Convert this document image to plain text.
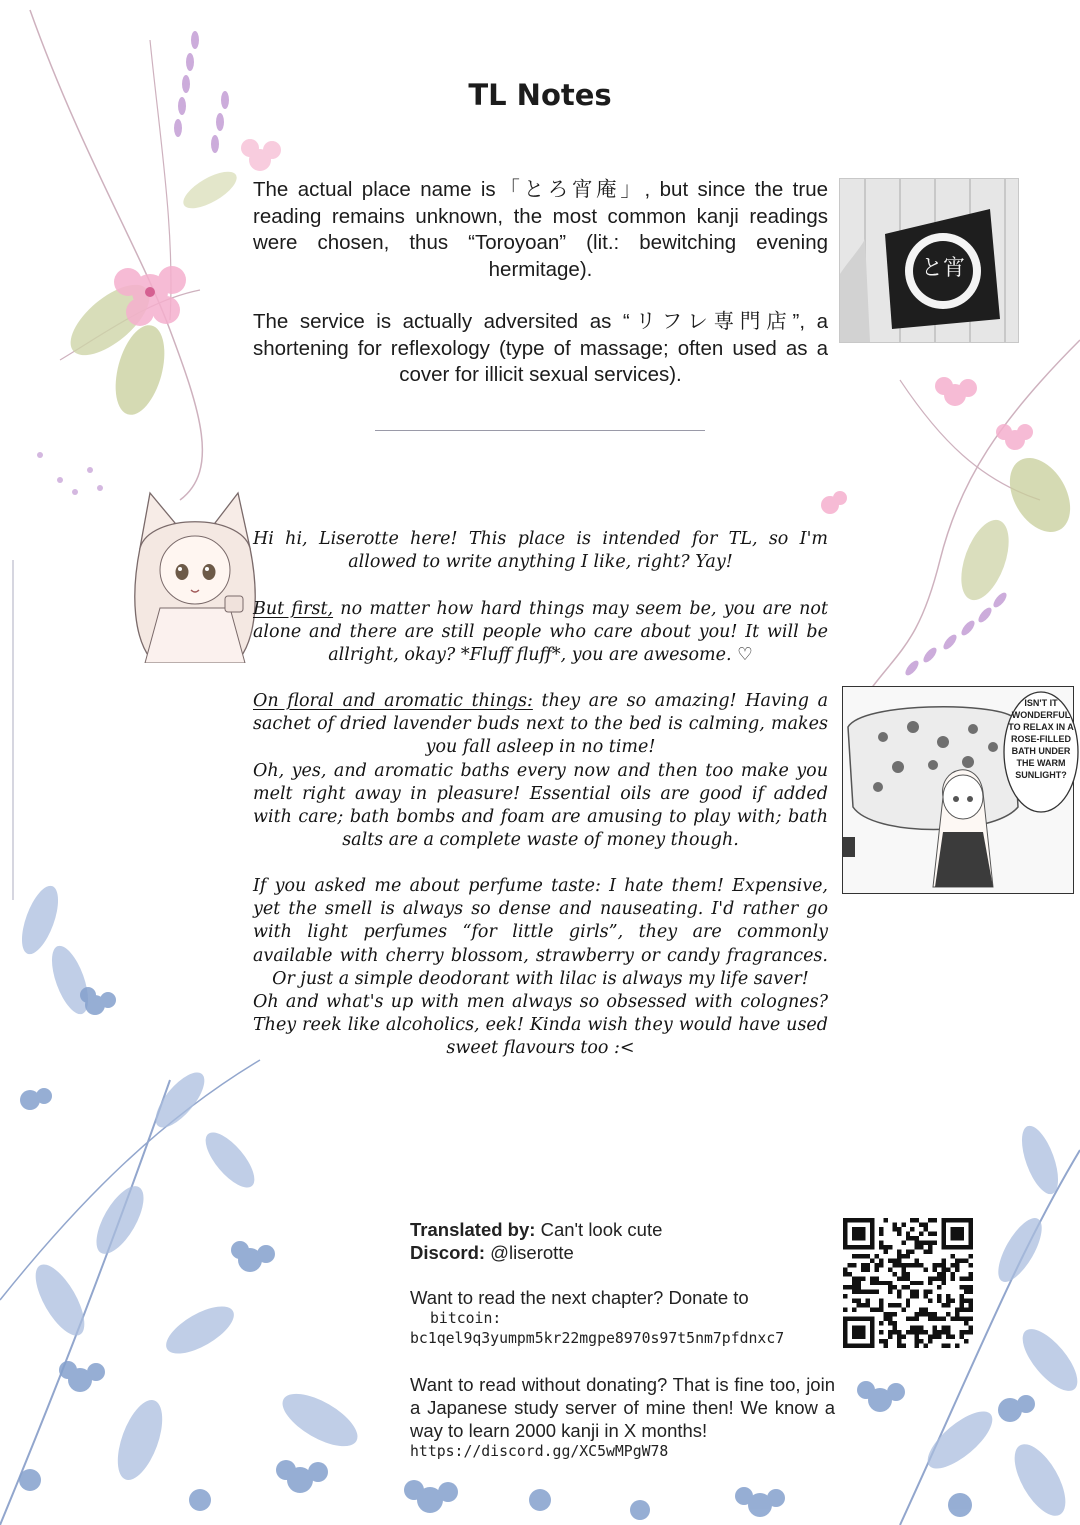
TL Notes

The actual place name is「とろ宵庵」, but since the true reading remains unknown, the most common kanji readings were chosen, thus “Toroyoan” (lit.: bewitching evening hermitage).

The service is actually adversited as “リフレ専門店”, a shortening for reflexology (type of massage; often used as a cover for illicit sexual services).

と宵

Hi hi, Liserotte here! This place is intended for TL, so I'm allowed to write anything I like, right? Yay!

But first, no matter how hard things may seem be, you are not alone and there are still people who care about you! It will be allright, okay? *Fluff fluff*, you are awesome. ♡

On floral and aromatic things: they are so amazing! Having a sachet of dried lavender buds next to the bed is calming, makes you fall asleep in no time!
Oh, yes, and aromatic baths every now and then too make you melt right away in pleasure! Essential oils are good if added with care; bath bombs and foam are amusing to play with; bath salts are a complete waste of money though.

If you asked me about perfume taste: I hate them! Expensive, yet the smell is always so dense and nauseating. I'd rather go with light perfumes “for little girls”, they are commonly available with cherry blossom, strawberry or candy fragrances. Or just a simple deodorant with lilac is always my life saver!
Oh and what's up with men always so obsessed with colognes? They reek like alcoholics, eek! Kinda wish they would have used sweet flavours too :<

ISN'T IT WONDERFUL TO RELAX IN A ROSE-FILLED BATH UNDER THE WARM SUNLIGHT?

Translated by: Can't look cute

Discord: @liserotte

Want to read the next chapter? Donate to

bitcoin:

bc1qel9q3yumpm5kr22mgpe8970s97t5nm7pfdnxc7

Want to read without donating? That is fine too, join a Japanese study server of mine then! We know a way to learn 2000 kanji in X months!

https://discord.gg/XC5wMPgW78
